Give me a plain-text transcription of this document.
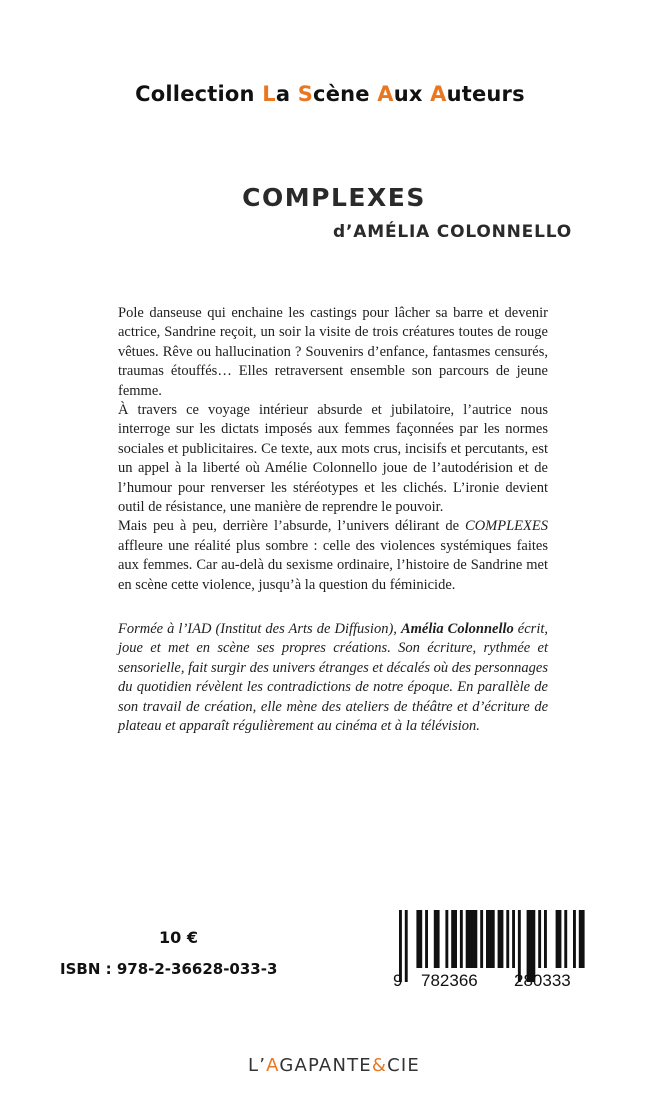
Collection La Scène Aux Auteurs
COMPLEXES
d’AMÉLIA COLONNELLO

Pole danseuse qui enchaine les castings pour lâcher sa barre et devenir actrice, Sandrine reçoit, un soir la visite de trois créatures toutes de rouge vêtues. Rêve ou hallucination ? Souvenirs d’enfance, fantasmes censurés, traumas étouffés… Elles retraversent ensemble son parcours de jeune femme.

À travers ce voyage intérieur absurde et jubilatoire, l’autrice nous interroge sur les dictats imposés aux femmes façonnées par les normes sociales et publicitaires. Ce texte, aux mots crus, incisifs et percutants, est un appel à la liberté où Amélie Colonnello joue de l’autodérision et de l’humour pour renverser les stéréotypes et les clichés. L’ironie devient outil de résistance, une manière de reprendre le pouvoir.

Mais peu à peu, derrière l’absurde, l’univers délirant de COMPLEXES affleure une réalité plus sombre : celle des violences systémiques faites aux femmes. Car au-delà du sexisme ordinaire, l’histoire de Sandrine met en scène cette violence, jusqu’à la question du féminicide.

Formée à l’IAD (Institut des Arts de Diffusion), Amélia Colonnello écrit, joue et met en scène ses propres créations. Son écriture, rythmée et sensorielle, fait surgir des univers étranges et décalés où des personnages du quotidien révèlent les contradictions de notre époque. En parallèle de son travail de création, elle mène des ateliers de théâtre et d’écriture de plateau et apparaît régulièrement au cinéma et à la télévision.

10 €
ISBN : 978-2-36628-033-3
9 782366 280333
L’AGAPANTE&CIE
